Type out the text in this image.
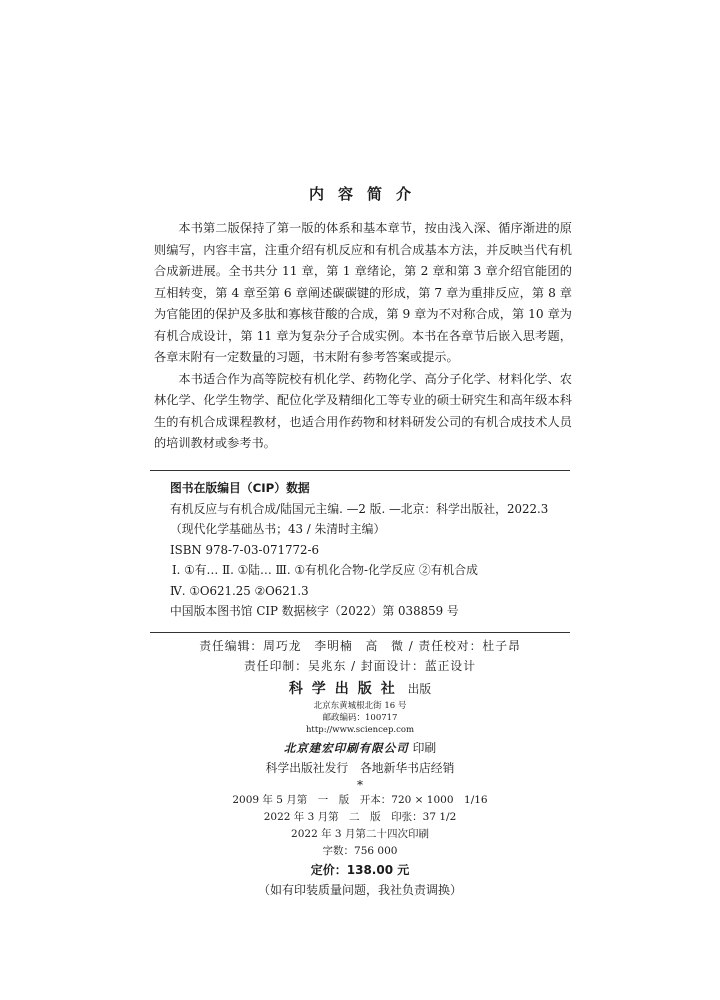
内容简介

本书第二版保持了第一版的体系和基本章节，按由浅入深、循序渐进的原则编写，内容丰富，注重介绍有机反应和有机合成基本方法，并反映当代有机合成新进展。全书共分 11 章，第 1 章绪论，第 2 章和第 3 章介绍官能团的互相转变，第 4 章至第 6 章阐述碳碳键的形成，第 7 章为重排反应，第 8 章为官能团的保护及多肽和寡核苷酸的合成，第 9 章为不对称合成，第 10 章为有机合成设计，第 11 章为复杂分子合成实例。本书在各章节后嵌入思考题，各章末附有一定数量的习题，书末附有参考答案或提示。

本书适合作为高等院校有机化学、药物化学、高分子化学、材料化学、农林化学、化学生物学、配位化学及精细化工等专业的硕士研究生和高年级本科生的有机合成课程教材，也适合用作药物和材料研发公司的有机合成技术人员的培训教材或参考书。

图书在版编目（CIP）数据
有机反应与有机合成/陆国元主编. —2 版. —北京：科学出版社，2022.3
（现代化学基础丛书；43 / 朱清时主编）
ISBN 978-7-03-071772-6
Ⅰ. ①有… Ⅱ. ①陆… Ⅲ. ①有机化合物-化学反应 ②有机合成
Ⅳ. ①O621.25 ②O621.3
中国版本图书馆 CIP 数据核字（2022）第 038859 号
责任编辑：周巧龙　李明楠　高　微 / 责任校对：杜子昂
责任印制：吴兆东 / 封面设计：蓝正设计
科学出版社 出版
北京东黄城根北街 16 号
邮政编码：100717
http://www.sciencep.com
北京建宏印刷有限公司 印刷
科学出版社发行　各地新华书店经销
*
2009 年 5 月第　一　版　开本：720 × 1000　1/16
2022 年 3 月第　二　版　印张：37 1/2
2022 年 3 月第二十四次印刷
字数：756 000
定价：138.00 元
（如有印装质量问题，我社负责调换）
